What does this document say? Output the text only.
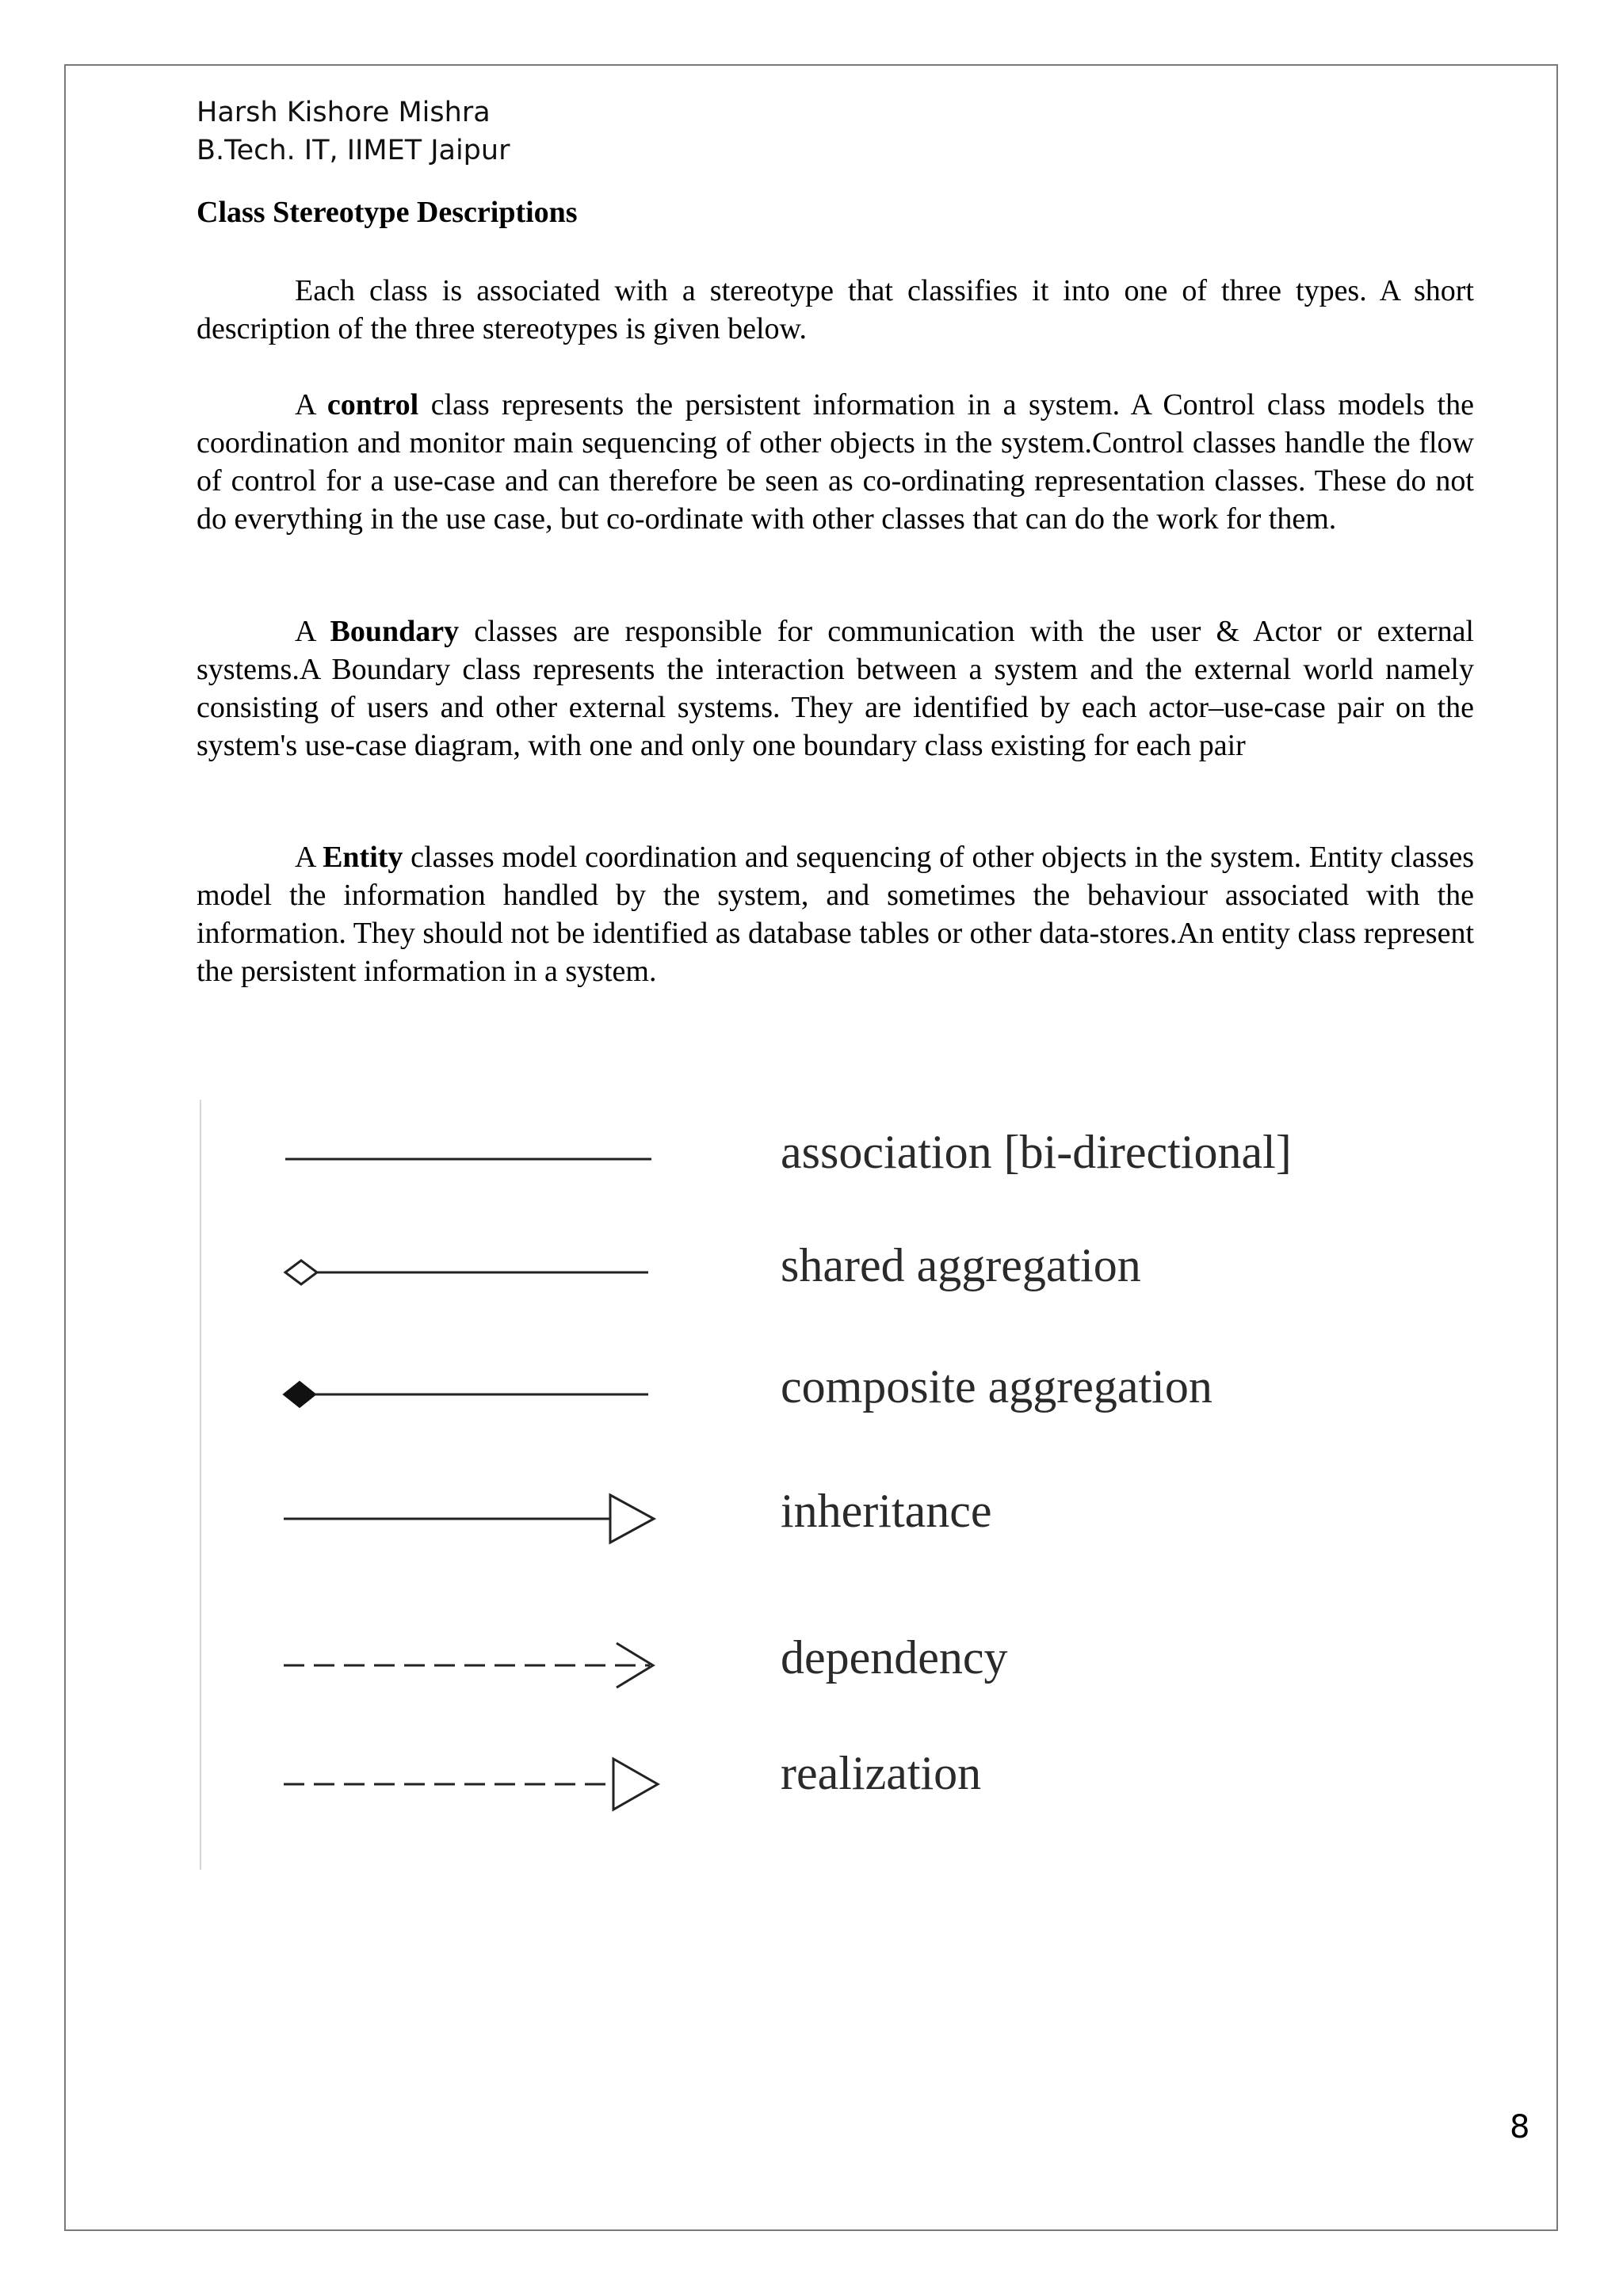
Harsh Kishore Mishra
B.Tech. IT, IIMET Jaipur
Class Stereotype Descriptions

Each class is associated with a stereotype that classifies it into one of three types. A short description of the three stereotypes is given below.

A control class represents the persistent information in a system. A Control class models the coordination and monitor main sequencing of other objects in the system.Control classes handle the flow of control for a use-case and can therefore be seen as co-ordinating representation classes. These do not do everything in the use case, but co-ordinate with other classes that can do the work for them.

A Boundary classes are responsible for communication with the user & Actor or external systems.A Boundary class represents the interaction between a system and the external world namely consisting of users and other external systems. They are identified by each actor–use-case pair on the system's use-case diagram, with one and only one boundary class existing for each pair

A Entity classes model coordination and sequencing of other objects in the system. Entity classes model the information handled by the system, and sometimes the behaviour associated with the information. They should not be identified as database tables or other data-stores.An entity class represent the persistent information in a system.

association [bi-directional]
shared aggregation
composite aggregation
inheritance
dependency
realization
8
